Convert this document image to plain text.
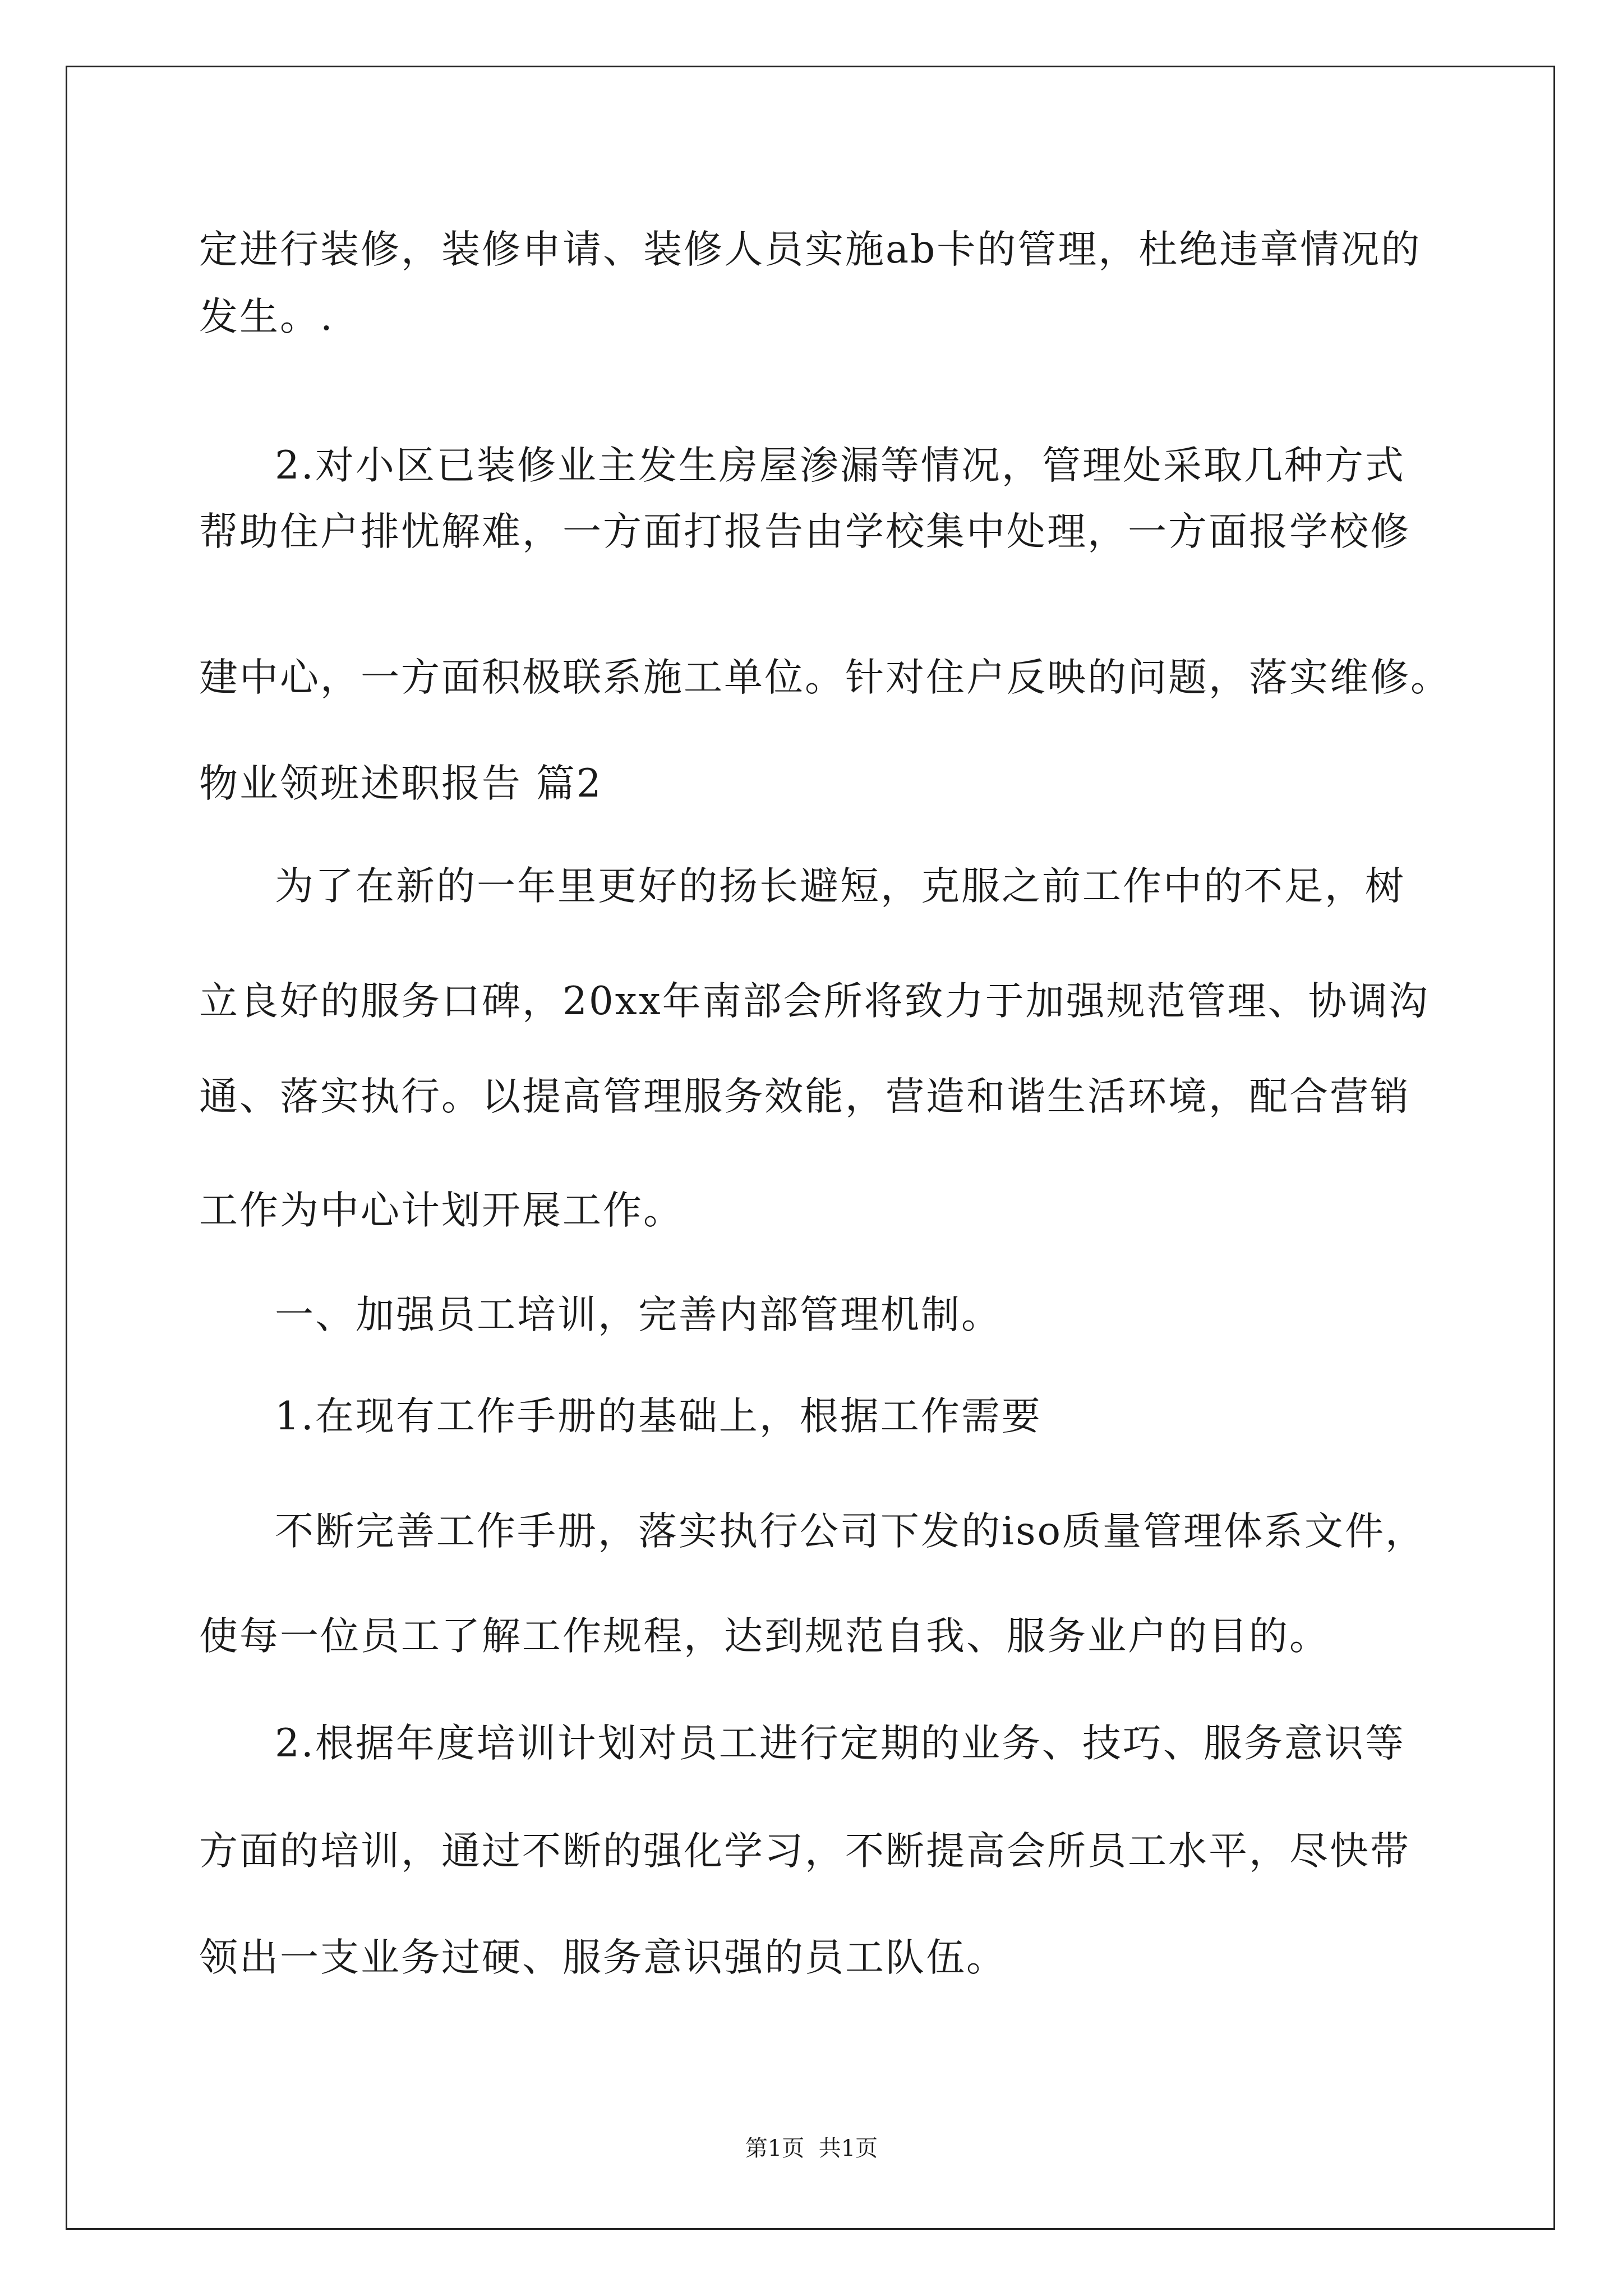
定进行装修，装修申请、装修人员实施ab卡的管理，杜绝违章情况的
发生。.
2.对小区已装修业主发生房屋渗漏等情况，管理处采取几种方式
帮助住户排忧解难，一方面打报告由学校集中处理，一方面报学校修
建中心，一方面积极联系施工单位。针对住户反映的问题，落实维修。
物业领班述职报告 篇2
为了在新的一年里更好的扬长避短，克服之前工作中的不足，树
立良好的服务口碑，20xx年南部会所将致力于加强规范管理、协调沟
通、落实执行。以提高管理服务效能，营造和谐生活环境，配合营销
工作为中心计划开展工作。
一、加强员工培训，完善内部管理机制。
1.在现有工作手册的基础上，根据工作需要
不断完善工作手册，落实执行公司下发的iso质量管理体系文件，
使每一位员工了解工作规程，达到规范自我、服务业户的目的。
2.根据年度培训计划对员工进行定期的业务、技巧、服务意识等
方面的培训，通过不断的强化学习，不断提高会所员工水平，尽快带
领出一支业务过硬、服务意识强的员工队伍。
第1页  共1页
